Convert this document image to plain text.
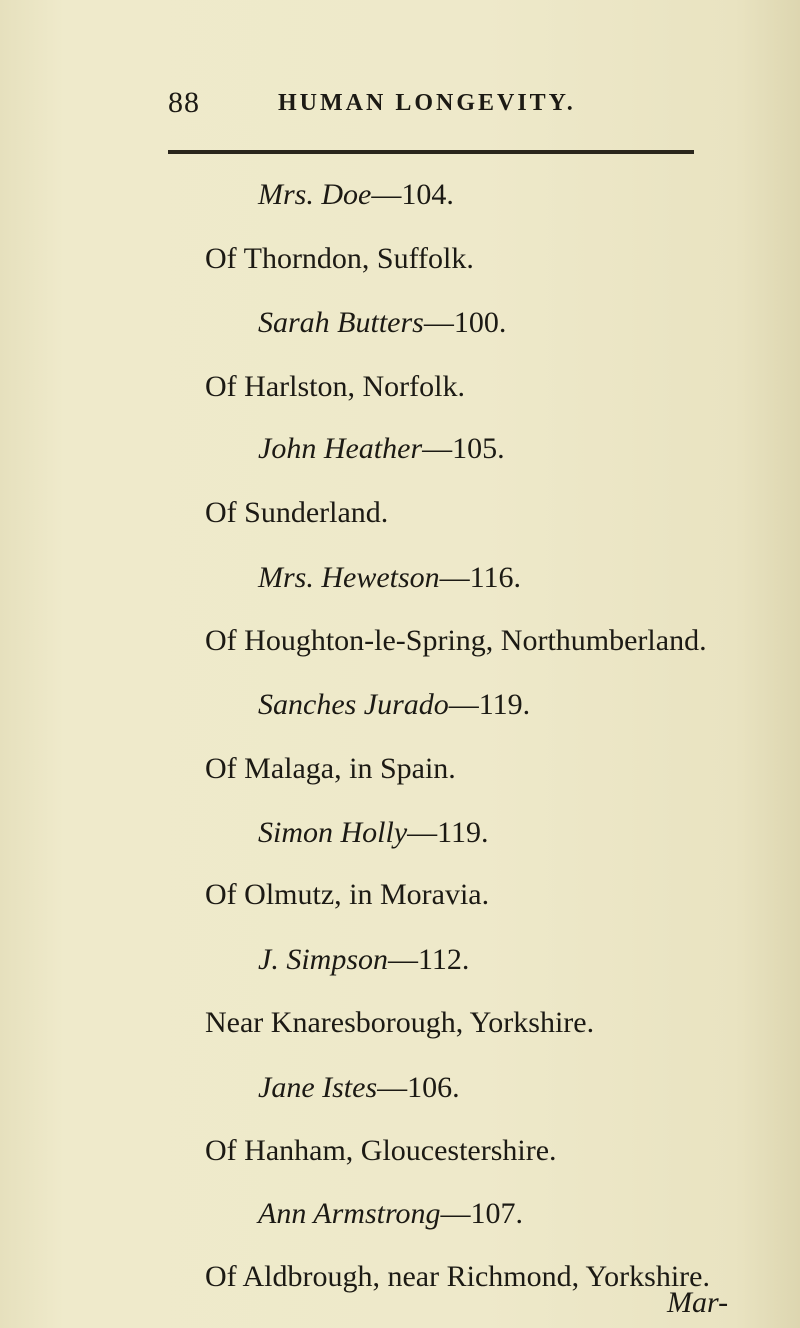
88	HUMAN LONGEVITY.
Mrs. Doe—104.
Of Thorndon, Suffolk.
Sarah Butters—100.
Of Harlston, Norfolk.
John Heather—105.
Of Sunderland.
Mrs. Hewetson—116.
Of Houghton-le-Spring, Northumberland.
Sanches Jurado—119.
Of Malaga, in Spain.
Simon Holly—119.
Of Olmutz, in Moravia.
J. Simpson—112.
Near Knaresborough, Yorkshire.
Jane Istes—106.
Of Hanham, Gloucestershire.
Ann Armstrong—107.
Of Aldbrough, near Richmond, Yorkshire.
Mar-
